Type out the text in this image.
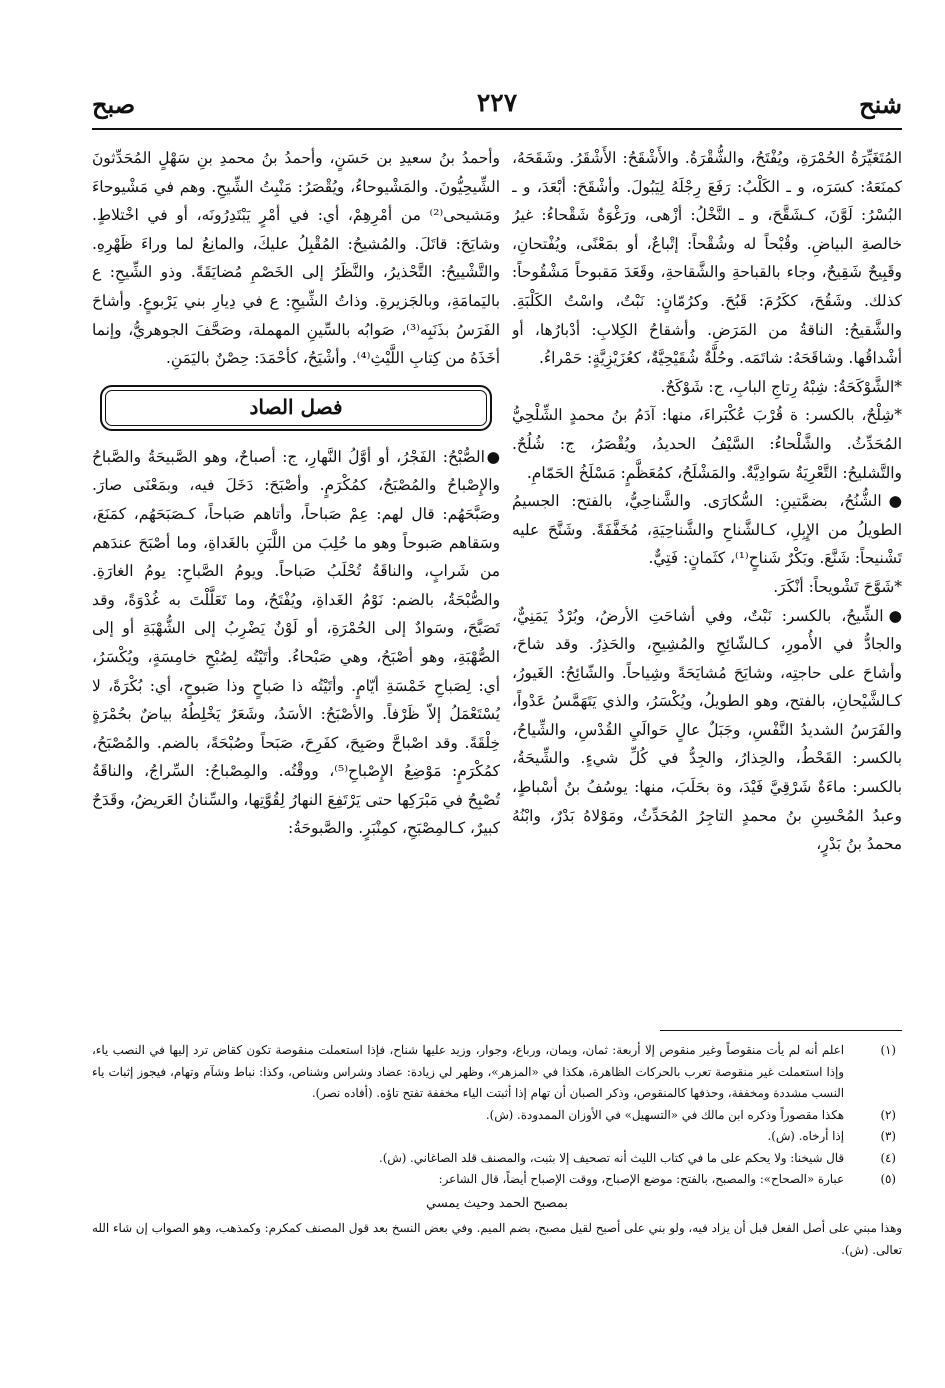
شنح
٢٢٧
صبح

المُتَغَيِّرَةُ الحُمْرَةِ، ويُفْتَحُ، والشُّقْرَةُ. والأَشْقَحُ: الأَشْقَرُ. وشَقَحَهُ، كمنَعَهُ: كسَرَه، و ـ الكَلْبُ: رَفَعَ رِجْلَهُ لِيَبُولَ. وأشْقَحَ: أبْعَدَ، و ـ البُسْرُ: لَوَّنَ، كـشَقَّحَ، و ـ النَّخْلُ: أزْهى، ورَغْوَةٌ شَقْحاءُ: غيرُ خالصةِ البياضِ. وقُبْحاً له وشُقْحاً: إتْباعٌ، أو بمَعْنًى، ويُفْتحانِ، وقَبِيحٌ شَقِيحٌ، وجاء بالقباحةِ والشَّقاحةِ، وقَعَدَ مَقبوحاً مَشْقُوحاً: كذلك. وشَقُحَ، ككَرُمَ: قَبُحَ. وكرُمّانٍ: نَبْتٌ، واسْتُ الكَلْبَةِ. والشَّقيحُ: الناقةُ من المَرَضِ. وأشقاحُ الكِلابِ: أدْبارُها، أو أشْداقُها. وشاقَحَهُ: شاتَمَه. وحُلَّةٌ شُقَيْحِيَّةٌ، كعُزَيْزِيَّةٍ: حَمْراءُ.

*الشَّوْكَحَةُ: شِبْهُ رِتاجِ البابِ، ج: شَوْكَحٌ.

*شِلْحٌ، بالكسر: ة قُرْبَ عُكْبَراءَ، منها: آدَمُ بنُ محمدٍ الشِّلْحِيُّ المُحَدِّثُ. والشَّلْحاءُ: السَّيْفُ الحديدُ، ويُقْصَرُ، ج: شُلُحٌ. والتَّشليحُ: التَّعْرِيَةُ سَوادِيَّةٌ. والمَشْلَحُ، كمُعَظَّمٍ: مَسْلَخُ الحَمّامِ.

●الشُّنُحُ، بضمَّتينِ: السُّكارَى. والشَّناحِيُّ، بالفتح: الجسيمُ الطويلُ من الإِبِلِ، كـالشَّناحِ والشَّناحِيَةِ، مُخَفَّفَةً. وشَنَّحَ عليه تَشْنيحاً: شَنَّعَ. وبَكْرٌ شَناحٍ⁽¹⁾، كثَمانٍ: فَتِيٌّ.

*شَوَّحَ تَشْويحاً: أنْكَرَ.

●الشِّيحُ، بالكسر: نَبْتٌ، وفي أشاحَتِ الأرضُ، وبُرْدٌ يَمَنِيٌّ، والجادُّ في الأُمورِ، كـالشّائِحِ والمُشِيحِ، والحَذِرُ. وقد شاحَ، وأشاحَ على حاجتِه، وشايَحَ مُشايَحَةً وشِياحاً. والشّائِحُ: الغَيورُ، كـالشَّيْحانِ، بالفتح، وهو الطويلُ، ويُكْسَرُ، والذي يَتَهَمَّسُ عَدْواً، والفَرَسُ الشديدُ النَّفْسِ، وجَبَلٌ عالٍ حَوالَيِ القُدْسِ، والشِّياحُ، بالكسر: القَحْطُ، والحِذارُ، والجِدُّ في كُلِّ شيءٍ. والشِّيحَةُ، بالكسر: ماءَةٌ شَرْقِيَّ فَيْدَ، وة بحَلَبَ، منها: يوسُفُ بنُ أسْباطٍ، وعبدُ المُحْسِنِ بنُ محمدٍ التاجِرُ المُحَدِّثُ، ومَوْلاهُ بَدْرٌ، وابْنُهُ محمدُ بنُ بَدْرٍ،

وأحمدُ بنُ سعيدِ بن حَسَنٍ، وأحمدُ بنُ محمدِ بنِ سَهْلٍ المُحَدِّثونَ الشِّيحِيُّونَ. والمَشْيوحاءُ، ويُقْصَرُ: مَنْبِتُ الشِّيحِ. وهم في مَشْيوحاءَ ومَشيحى⁽²⁾ من أمْرِهِمْ، أي: في أمْرٍ يَبْتَدِرُونَه، أو في اخْتلاطٍ. وشايَحَ: قاتَلَ. والمُشيحُ: المُقْبِلُ عليكَ، والمانِعُ لما وراءَ ظَهْرِهِ. والتَّشْييحُ: التَّحْذيرُ، والنَّظَرُ إلى الخَصْمِ مُضايَقَةً. وذو الشِّيحِ: ع باليَمامَةِ، وبالجَزيرةِ. وذاتُ الشِّيحِ: ع في دِيارِ بني يَرْبوعٍ. وأشاحَ الفَرَسُ بذَنَبِه⁽³⁾، صَوابُه بالسِّينِ المهملة، وصَحَّفَ الجوهريُّ، وإنما أخَذَهُ من كِتابِ اللَّيْثِ⁽⁴⁾. وأشْيَحُ، كأحْمَدَ: حِصْنٌ باليَمَنِ.

فصل الصاد

●الصُّبْحُ: الفَجْرُ، أو أوَّلُ النَّهارِ، ج: أصباحٌ، وهو الصَّبيحَةُ والصَّباحُ والإِصْباحُ والمُصْبَحُ، كمُكْرَمٍ. وأصْبَحَ: دَخَلَ فيه، وبمَعْنَى صارَ. وصَبَّحَهُم: قال لهم: عِمْ صَباحاً، وأتاهم صَباحاً، كـصَبَحَهُم، كمَنَعَ، وسَقاهم صَبوحاً وهو ما حُلِبَ من اللَّبَنِ بالغَداةِ، وما أصْبَحَ عندَهم من شَرابٍ، والناقَةُ تُحْلَبُ صَباحاً. ويومُ الصَّباحِ: يومُ الغارَةِ. والصُّبْحَةُ، بالضم: نَوْمُ الغَداةِ، ويُفْتَحُ، وما تَعَلَّلْتَ به غُدْوَةً، وقد تَصَبَّحَ، وسَوادٌ إلى الحُمْرَةِ، أو لَوْنٌ يَضْرِبُ إلى الشُّهْبَةِ أو إلى الصُّهْبَةِ، وهو أصْبَحُ، وهي صَبْحاءُ. وأتَيْتُه لِصُبْحِ خامِسَةٍ، ويُكْسَرُ، أي: لِصَباحِ خَمْسَةِ أيّامٍ. وأتَيْتُه ذا صَباحٍ وذا صَبوحٍ، أي: بُكْرَةً، لا يُسْتَعْمَلُ إلاّ ظَرْفاً. والأصْبَحُ: الأسَدُ، وشَعَرٌ يَخْلِطُهُ بياضٌ بحُمْرَةٍ خِلْقَةً. وقد اصْباحَّ وصَبِحَ، كفَرِحَ، صَبَحاً وصُبْحَةً، بالضم. والمُصْبَحُ، كمُكْرَمٍ: مَوْضِعُ الإِصْباحِ⁽⁵⁾، ووقْتُه. والمِصْباحُ: السِّراجُ، والناقَةُ تُصْبِحُ في مَبْرَكِها حتى يَرْتَفِعَ النهارُ لِقُوَّتِها، والسِّنانُ العَريضُ، وقَدَحٌ كبيرٌ، كـالمِصْبَحِ، كمِنْبَرٍ. والصَّبوحَةُ:

(١)
اعلم أنه لم يأت منقوصاً وغير منقوص إلا أربعة: ثمان، ويمان، ورباع، وجوار، وزيد عليها شناح، فإذا استعملت منقوصة تكون كقاض ترد إليها في النصب ياء، وإذا استعملت غير منقوصة تعرب بالحركات الظاهرة، هكذا في «المزهر»، وظهر لي زيادة: عضاد وشراس وشناص، وكذا: نباط وشآم وتهام، فيجوز إثبات ياء النسب مشددة ومخففة، وحذفها كالمنقوص، وذكر الصبان أن تهام إذا أثبتت الياء مخففة تفتح تاؤه. (أفاده نصر).
(٢)
هكذا مقصوراً وذكره ابن مالك في «التسهيل» في الأوزان الممدودة. (ش).
(٣)
إذا أرخاه. (ش).
(٤)
قال شيخنا: ولا يحكم على ما في كتاب الليث أنه تصحيف إلا بثبت، والمصنف قلد الصاغاني. (ش).
(٥)
عبارة «الصحاح»: والمصبح، بالفتح: موضع الإصباح، ووقت الإصباح أيضاً، قال الشاعر:
بمصبح الحمد وحيث يمسي
وهذا مبني على أصل الفعل قبل أن يزاد فيه، ولو بني على أصبح لقيل مصبح، بضم الميم. وفي بعض النسخ بعد قول المصنف كمكرم: وكمذهب، وهو الصواب إن شاء الله تعالى. (ش).
